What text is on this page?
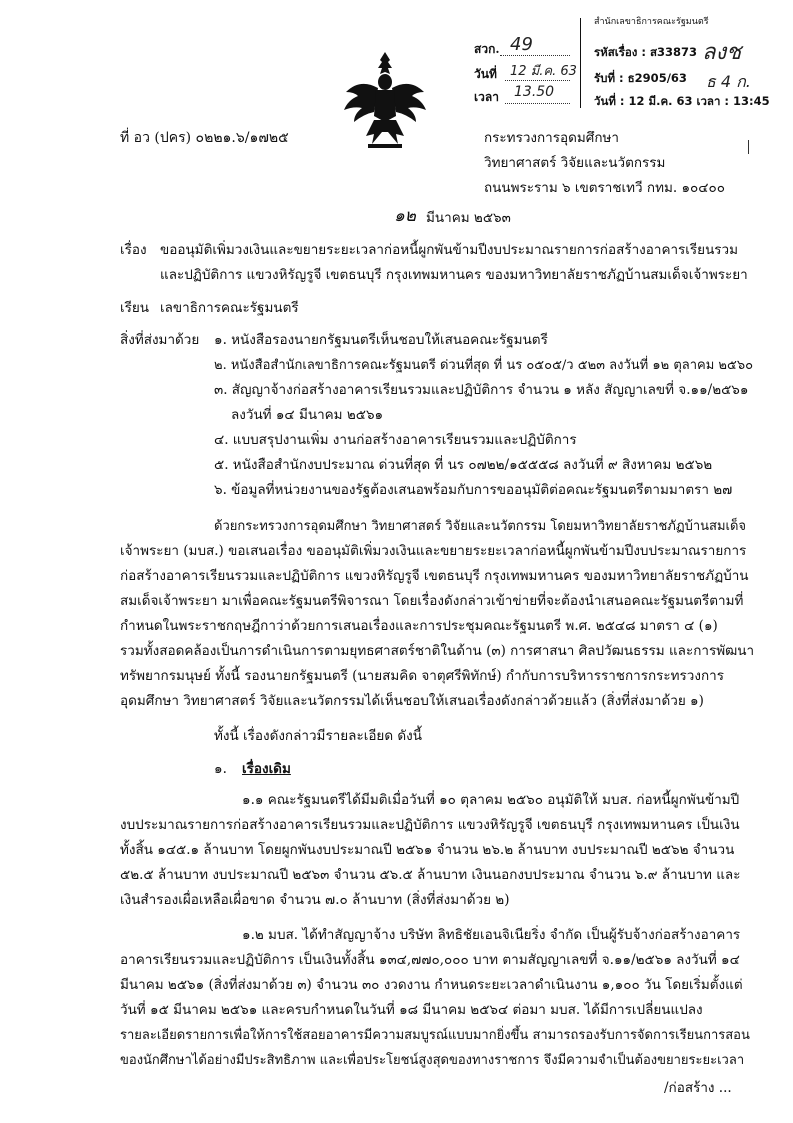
สวก. 49
วันที่ 12 มี.ค. 63
เวลา 13.50
สำนักเลขาธิการคณะรัฐมนตรี
รหัสเรื่อง : ส33873
รับที่ : ธ2905/63
วันที่ : 12 มี.ค. 63 เวลา : 13:45
ลงช
ธ 4 ก.
ที่ อว (ปคร) ๐๒๒๑.๖/๑๗๒๕	กระทรวงการอุดมศึกษา
วิทยาศาสตร์ วิจัยและนวัตกรรม
ถนนพระราม ๖ เขตราชเทวี กทม. ๑๐๔๐๐
๑๒ มีนาคม ๒๕๖๓
เรื่อง ขออนุมัติเพิ่มวงเงินและขยายระยะเวลาก่อหนี้ผูกพันข้ามปีงบประมาณรายการก่อสร้างอาคารเรียนรวม
และปฏิบัติการ แขวงหิรัญรูจี เขตธนบุรี กรุงเทพมหานคร ของมหาวิทยาลัยราชภัฏบ้านสมเด็จเจ้าพระยา
เรียน เลขาธิการคณะรัฐมนตรี
สิ่งที่ส่งมาด้วย ๑. หนังสือรองนายกรัฐมนตรีเห็นชอบให้เสนอคณะรัฐมนตรี
๒. หนังสือสำนักเลขาธิการคณะรัฐมนตรี ด่วนที่สุด ที่ นร ๐๕๐๕/ว ๕๒๓ ลงวันที่ ๑๒ ตุลาคม ๒๕๖๐
๓. สัญญาจ้างก่อสร้างอาคารเรียนรวมและปฏิบัติการ จำนวน ๑ หลัง สัญญาเลขที่ จ.๑๑/๒๕๖๑
ลงวันที่ ๑๔ มีนาคม ๒๕๖๑
๔. แบบสรุปงานเพิ่ม งานก่อสร้างอาคารเรียนรวมและปฏิบัติการ
๕. หนังสือสำนักงบประมาณ ด่วนที่สุด ที่ นร ๐๗๒๒/๑๕๕๕๘ ลงวันที่ ๙ สิงหาคม ๒๕๖๒
๖. ข้อมูลที่หน่วยงานของรัฐต้องเสนอพร้อมกับการขออนุมัติต่อคณะรัฐมนตรีตามมาตรา ๒๗
ด้วยกระทรวงการอุดมศึกษา วิทยาศาสตร์ วิจัยและนวัตกรรม โดยมหาวิทยาลัยราชภัฏบ้านสมเด็จ
เจ้าพระยา (มบส.) ขอเสนอเรื่อง ขออนุมัติเพิ่มวงเงินและขยายระยะเวลาก่อหนี้ผูกพันข้ามปีงบประมาณรายการ
ก่อสร้างอาคารเรียนรวมและปฏิบัติการ แขวงหิรัญรูจี เขตธนบุรี กรุงเทพมหานคร ของมหาวิทยาลัยราชภัฏบ้าน
สมเด็จเจ้าพระยา มาเพื่อคณะรัฐมนตรีพิจารณา โดยเรื่องดังกล่าวเข้าข่ายที่จะต้องนำเสนอคณะรัฐมนตรีตามที่
กำหนดในพระราชกฤษฎีกาว่าด้วยการเสนอเรื่องและการประชุมคณะรัฐมนตรี พ.ศ. ๒๕๔๘ มาตรา ๔ (๑)
รวมทั้งสอดคล้องเป็นการดำเนินการตามยุทธศาสตร์ชาติในด้าน (๓) การศาสนา ศิลปวัฒนธรรม และการพัฒนา
ทรัพยากรมนุษย์ ทั้งนี้ รองนายกรัฐมนตรี (นายสมคิด จาตุศรีพิทักษ์) กำกับการบริหารราชการกระทรวงการ
อุดมศึกษา วิทยาศาสตร์ วิจัยและนวัตกรรมได้เห็นชอบให้เสนอเรื่องดังกล่าวด้วยแล้ว (สิ่งที่ส่งมาด้วย ๑)
ทั้งนี้ เรื่องดังกล่าวมีรายละเอียด ดังนี้
๑. เรื่องเดิม
๑.๑ คณะรัฐมนตรีได้มีมติเมื่อวันที่ ๑๐ ตุลาคม ๒๕๖๐ อนุมัติให้ มบส. ก่อหนี้ผูกพันข้ามปี
งบประมาณรายการก่อสร้างอาคารเรียนรวมและปฏิบัติการ แขวงหิรัญรูจี เขตธนบุรี กรุงเทพมหานคร เป็นเงิน
ทั้งสิ้น ๑๔๕.๑ ล้านบาท โดยผูกพันงบประมาณปี ๒๕๖๑ จำนวน ๒๖.๒ ล้านบาท งบประมาณปี ๒๕๖๒ จำนวน
๕๒.๕ ล้านบาท งบประมาณปี ๒๕๖๓ จำนวน ๕๖.๕ ล้านบาท เงินนอกงบประมาณ จำนวน ๖.๙ ล้านบาท และ
เงินสำรองเผื่อเหลือเผื่อขาด จำนวน ๗.๐ ล้านบาท (สิ่งที่ส่งมาด้วย ๒)
๑.๒ มบส. ได้ทำสัญญาจ้าง บริษัท ลิทธิชัยเอนจิเนียริ่ง จำกัด เป็นผู้รับจ้างก่อสร้างอาคาร
อาคารเรียนรวมและปฏิบัติการ เป็นเงินทั้งสิ้น ๑๓๔,๗๗๐,๐๐๐ บาท ตามสัญญาเลขที่ จ.๑๑/๒๕๖๑ ลงวันที่ ๑๔
มีนาคม ๒๕๖๑ (สิ่งที่ส่งมาด้วย ๓) จำนวน ๓๐ งวดงาน กำหนดระยะเวลาดำเนินงาน ๑,๑๐๐ วัน โดยเริ่มตั้งแต่
วันที่ ๑๕ มีนาคม ๒๕๖๑ และครบกำหนดในวันที่ ๑๘ มีนาคม ๒๕๖๔ ต่อมา มบส. ได้มีการเปลี่ยนแปลง
รายละเอียดรายการเพื่อให้การใช้สอยอาคารมีความสมบูรณ์แบบมากยิ่งขึ้น สามารถรองรับการจัดการเรียนการสอน
ของนักศึกษาได้อย่างมีประสิทธิภาพ และเพื่อประโยชน์สูงสุดของทางราชการ จึงมีความจำเป็นต้องขยายระยะเวลา
/ก่อสร้าง ...
